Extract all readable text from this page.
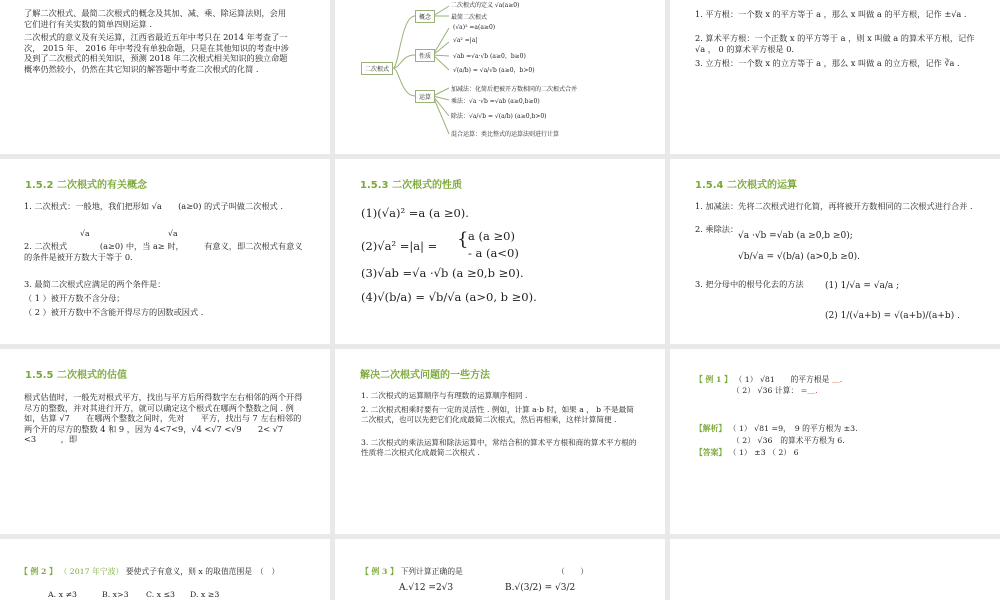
了解二次根式、最简二次根式的概念及其加、减、乘、除运算法则，会用它们进行有关实数的简单四则运算 .
二次根式的意义及有关运算，江西省最近五年中考只在 2014 年考查了一次， 2015 年、 2016 年中考没有单独命题，只是在其他知识的考查中涉及到了二次根式的相关知识，预测 2018 年二次根式相关知识的独立命题概率仍然较小，仍然在其它知识的解答题中考查二次根式的化简 .	二次根式
概念
性质
运算
二次根式的定义 √a(a≥0)
最简二次根式
(√a)² =a(a≥0)
√a² =|a|
√ab =√a·√b (a≥0，b≥0)
√(a/b) = √a/√b (a≥0，b>0)
加减法：化简后把被开方数相同的二次根式合并
乘法：√a ·√b =√ab (a≥0,b≥0)
除法：√a/√b = √(a/b) (a≥0,b>0)
混合运算：类比整式的运算法则进行计算
1. 平方根：一个数 x 的平方等于 a ，那么 x 叫做 a 的平方根，记作 ±√a .
2. 算术平方根：一个正数 x 的平方等于 a ，则 x 叫做 a 的算术平方根，记作 √a ， 0 的算术平方根是 0.
3. 立方根：一个数 x 的立方等于 a ，那么 x 叫做 a 的立方根，记作 ∛a .
1.5.2 二次根式的有关概念
1. 二次根式：一般地，我们把形如 √a　　(a≥0) 的式子叫做二次根式 .
√a	√a
2. 二次根式　　　　(a≥0) 中，当 a≥ 时，　　　有意义，即二次根式有意义的条件是被开方数大于等于 0.
3. 最简二次根式应满足的两个条件是：
（ 1 ）被开方数不含分母；
（ 2 ）被开方数中不含能开得尽方的因数或因式 .
1.5.3 二次根式的性质
(1)(√a)² =a (a ≥0).
(2)√a² =|a| = { a (a ≥0)
- a (a<0)
(3)√ab =√a ·√b (a ≥0,b ≥0).
(4)√(b/a) = √b/√a (a>0, b ≥0).
1.5.4 二次根式的运算
1. 加减法：先将二次根式进行化简，再将被开方数相同的二次根式进行合并 .
2. 乘除法：
√a ·√b =√ab (a ≥0,b ≥0);
√b/√a = √(b/a) (a>0,b ≥0).
3. 把分母中的根号化去的方法 (1) 1/√a = √a/a ;
(2) 1/(√a+b) = √(a+b)/(a+b) .
1.5.5 二次根式的估值
根式估值时，一般先对根式平方，找出与平方后所得数字左右相邻的两个开得尽方的整数，并对其进行开方，就可以确定这个根式在哪两个整数之间 . 例如，估算 √7　　在哪两个整数之间时，先对　　平方，找出与 7 左右相邻的两个开的尽方的整数 4 和 9 ，因为 4<7<9，√4 <√7 <√9　　2< √7 <3　　　，即
解决二次根式问题的一些方法
1. 二次根式的运算顺序与有理数的运算顺序相同 .
2. 二次根式相乘时要有一定的灵活性 . 例如，计算 a·b 时，如果 a ， b 不是最简二次根式，也可以先把它们化成最简二次根式，然后再相乘，这样计算简便 .
3. 二次根式的乘法运算和除法运算中，常结合积的算术平方根和商的算术平方根的性质将二次根式化成最简二次根式 .
【 例 1 】 （ 1） √81　　的平方根是 ＿.
（ 2） √36 计算： =＿.
【解析】 （ 1） √81 =9，　9 的平方根为 ±3.
（ 2） √36　的算术平方根为 6.
【答案】 （ 1） ±3 （ 2） 6
【 例 2 】 （ 2017 年宁波） 要使式子有意义，则 x 的取值范围是　（　）
A. x ≠3	B. x>3 C. x ≤3 D. x ≥3
【 例 3 】 下列计算正确的是	（　　）
A.√12 =2√3	B.√(3/2) = √3/2
